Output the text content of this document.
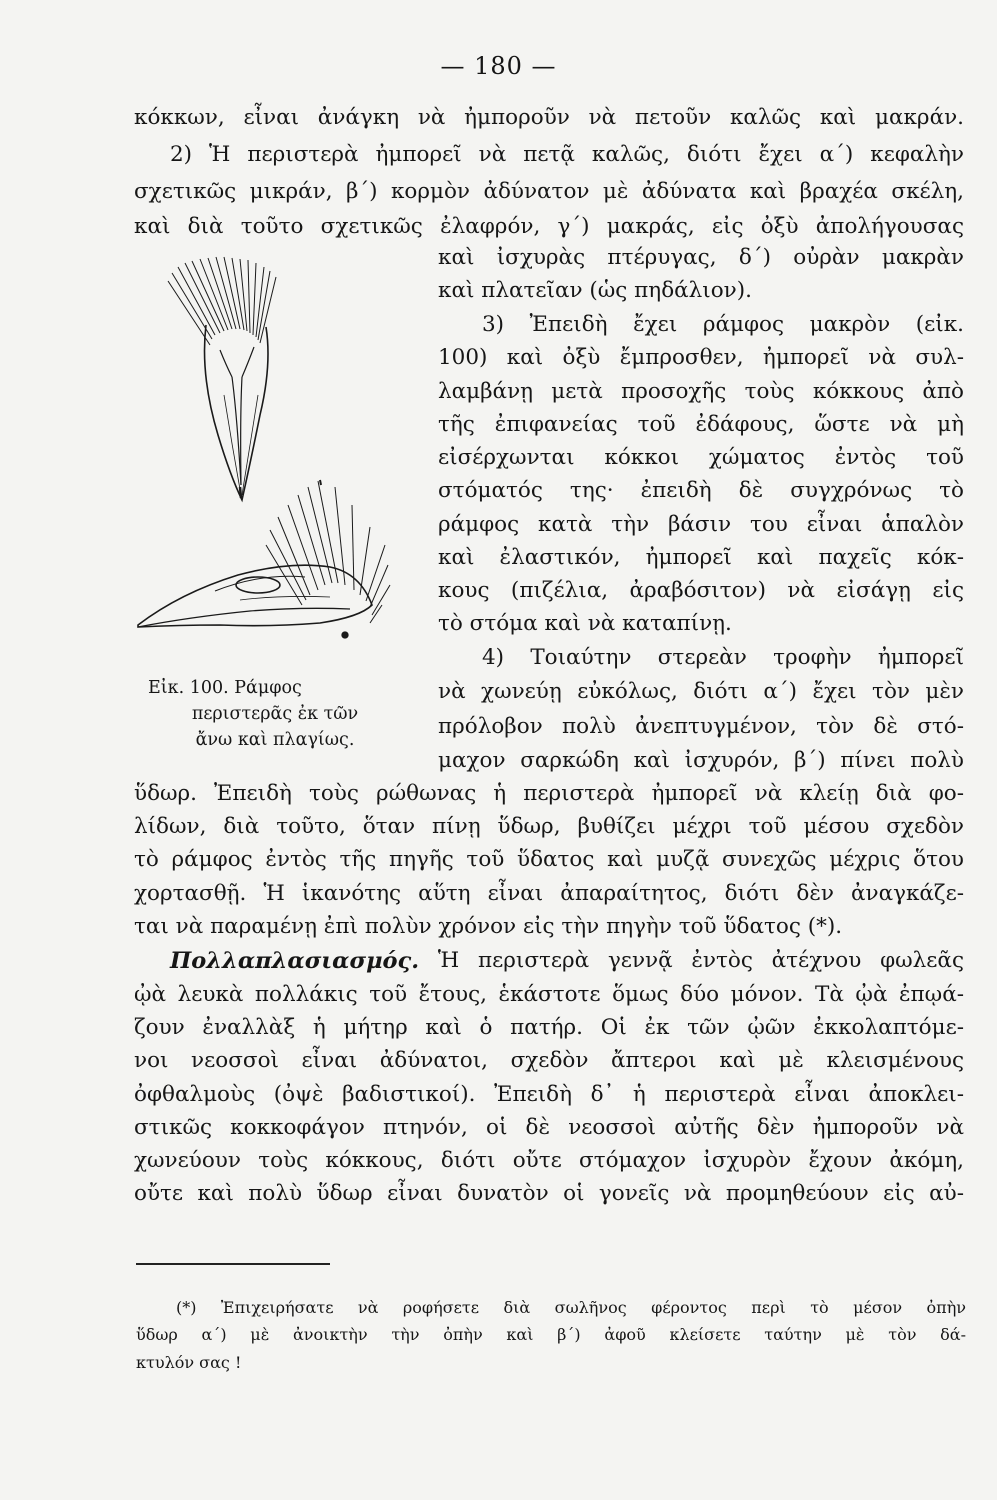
— 180 —
κόκκων, εἶναι ἀνάγκη νὰ ἠμποροῦν νὰ πετοῦν καλῶς καὶ μακράν.
2) Ἡ περιστερὰ ἠμπορεῖ νὰ πετᾷ καλῶς, διότι ἔχει α΄) κεφαλὴν
σχετικῶς μικράν, β΄) κορμὸν ἀδύνατον μὲ ἀδύνατα καὶ βραχέα σκέλη,
καὶ διὰ τοῦτο σχετικῶς ἐλαφρόν, γ΄) μακράς, εἰς ὀξὺ ἀπολήγουσας
καὶ ἰσχυρὰς πτέρυγας, δ΄) οὐρὰν μακρὰν
καὶ πλατεῖαν (ὡς πηδάλιον).
3) Ἐπειδὴ ἔχει ράμφος μακρὸν (εἰκ.
100) καὶ ὀξὺ ἔμπροσθεν, ἠμπορεῖ νὰ συλ-
λαμβάνῃ μετὰ προσοχῆς τοὺς κόκκους ἀπὸ
τῆς ἐπιφανείας τοῦ ἐδάφους, ὥστε νὰ μὴ
εἰσέρχωνται κόκκοι χώματος ἐντὸς τοῦ
στόματός της· ἐπειδὴ δὲ συγχρόνως τὸ
ράμφος κατὰ τὴν βάσιν του εἶναι ἁπαλὸν
καὶ ἐλαστικόν, ἠμπορεῖ καὶ παχεῖς κόκ-
κους (πιζέλια, ἀραβόσιτον) νὰ εἰσάγῃ εἰς
τὸ στόμα καὶ νὰ καταπίνῃ.
4) Τοιαύτην στερεὰν τροφὴν ἠμπορεῖ
νὰ χωνεύῃ εὐκόλως, διότι α΄) ἔχει τὸν μὲν
πρόλοβον πολὺ ἀνεπτυγμένον, τὸν δὲ στό-
μαχον σαρκώδη καὶ ἰσχυρόν, β΄) πίνει πολὺ
ὕδωρ. Ἐπειδὴ τοὺς ρώθωνας ἡ περιστερὰ ἠμπορεῖ νὰ κλείῃ διὰ φο-
λίδων, διὰ τοῦτο, ὅταν πίνῃ ὕδωρ, βυθίζει μέχρι τοῦ μέσου σχεδὸν
τὸ ράμφος ἐντὸς τῆς πηγῆς τοῦ ὕδατος καὶ μυζᾷ συνεχῶς μέχρις ὅτου
χορτασθῇ. Ἡ ἱκανότης αὕτη εἶναι ἀπαραίτητος, διότι δὲν ἀναγκάζε-
ται νὰ παραμένῃ ἐπὶ πολὺν χρόνον εἰς τὴν πηγὴν τοῦ ὕδατος (*).
Πολλαπλασιασμός. Ἡ περιστερὰ γεννᾷ ἐντὸς ἀτέχνου φωλεᾶς
ᾠὰ λευκὰ πολλάκις τοῦ ἔτους, ἑκάστοτε ὅμως δύο μόνον. Τὰ ᾠὰ ἐπῳά-
ζουν ἐναλλὰξ ἡ μήτηρ καὶ ὁ πατήρ. Οἱ ἐκ τῶν ᾠῶν ἐκκολαπτόμε-
νοι νεοσσοὶ εἶναι ἀδύνατοι, σχεδὸν ἄπτεροι καὶ μὲ κλεισμένους
ὀφθαλμοὺς (ὀψὲ βαδιστικοί). Ἐπειδὴ δ᾽ ἡ περιστερὰ εἶναι ἀποκλει-
στικῶς κοκκοφάγον πτηνόν, οἱ δὲ νεοσσοὶ αὐτῆς δὲν ἠμποροῦν νὰ
χωνεύουν τοὺς κόκκους, διότι οὔτε στόμαχον ἰσχυρὸν ἔχουν ἀκόμη,
οὔτε καὶ πολὺ ὕδωρ εἶναι δυνατὸν οἱ γονεῖς νὰ προμηθεύουν εἰς αὐ-
Εἰκ. 100. Ράμφος
περιστερᾶς ἐκ τῶν
ἄνω καὶ πλαγίως.
(*) Ἐπιχειρήσατε νὰ ροφήσετε διὰ σωλῆνος φέροντος περὶ τὸ μέσον ὀπὴν
ὕδωρ α΄) μὲ ἀνοικτὴν τὴν ὀπὴν καὶ β΄) ἀφοῦ κλείσετε ταύτην μὲ τὸν δά-
κτυλόν σας !
